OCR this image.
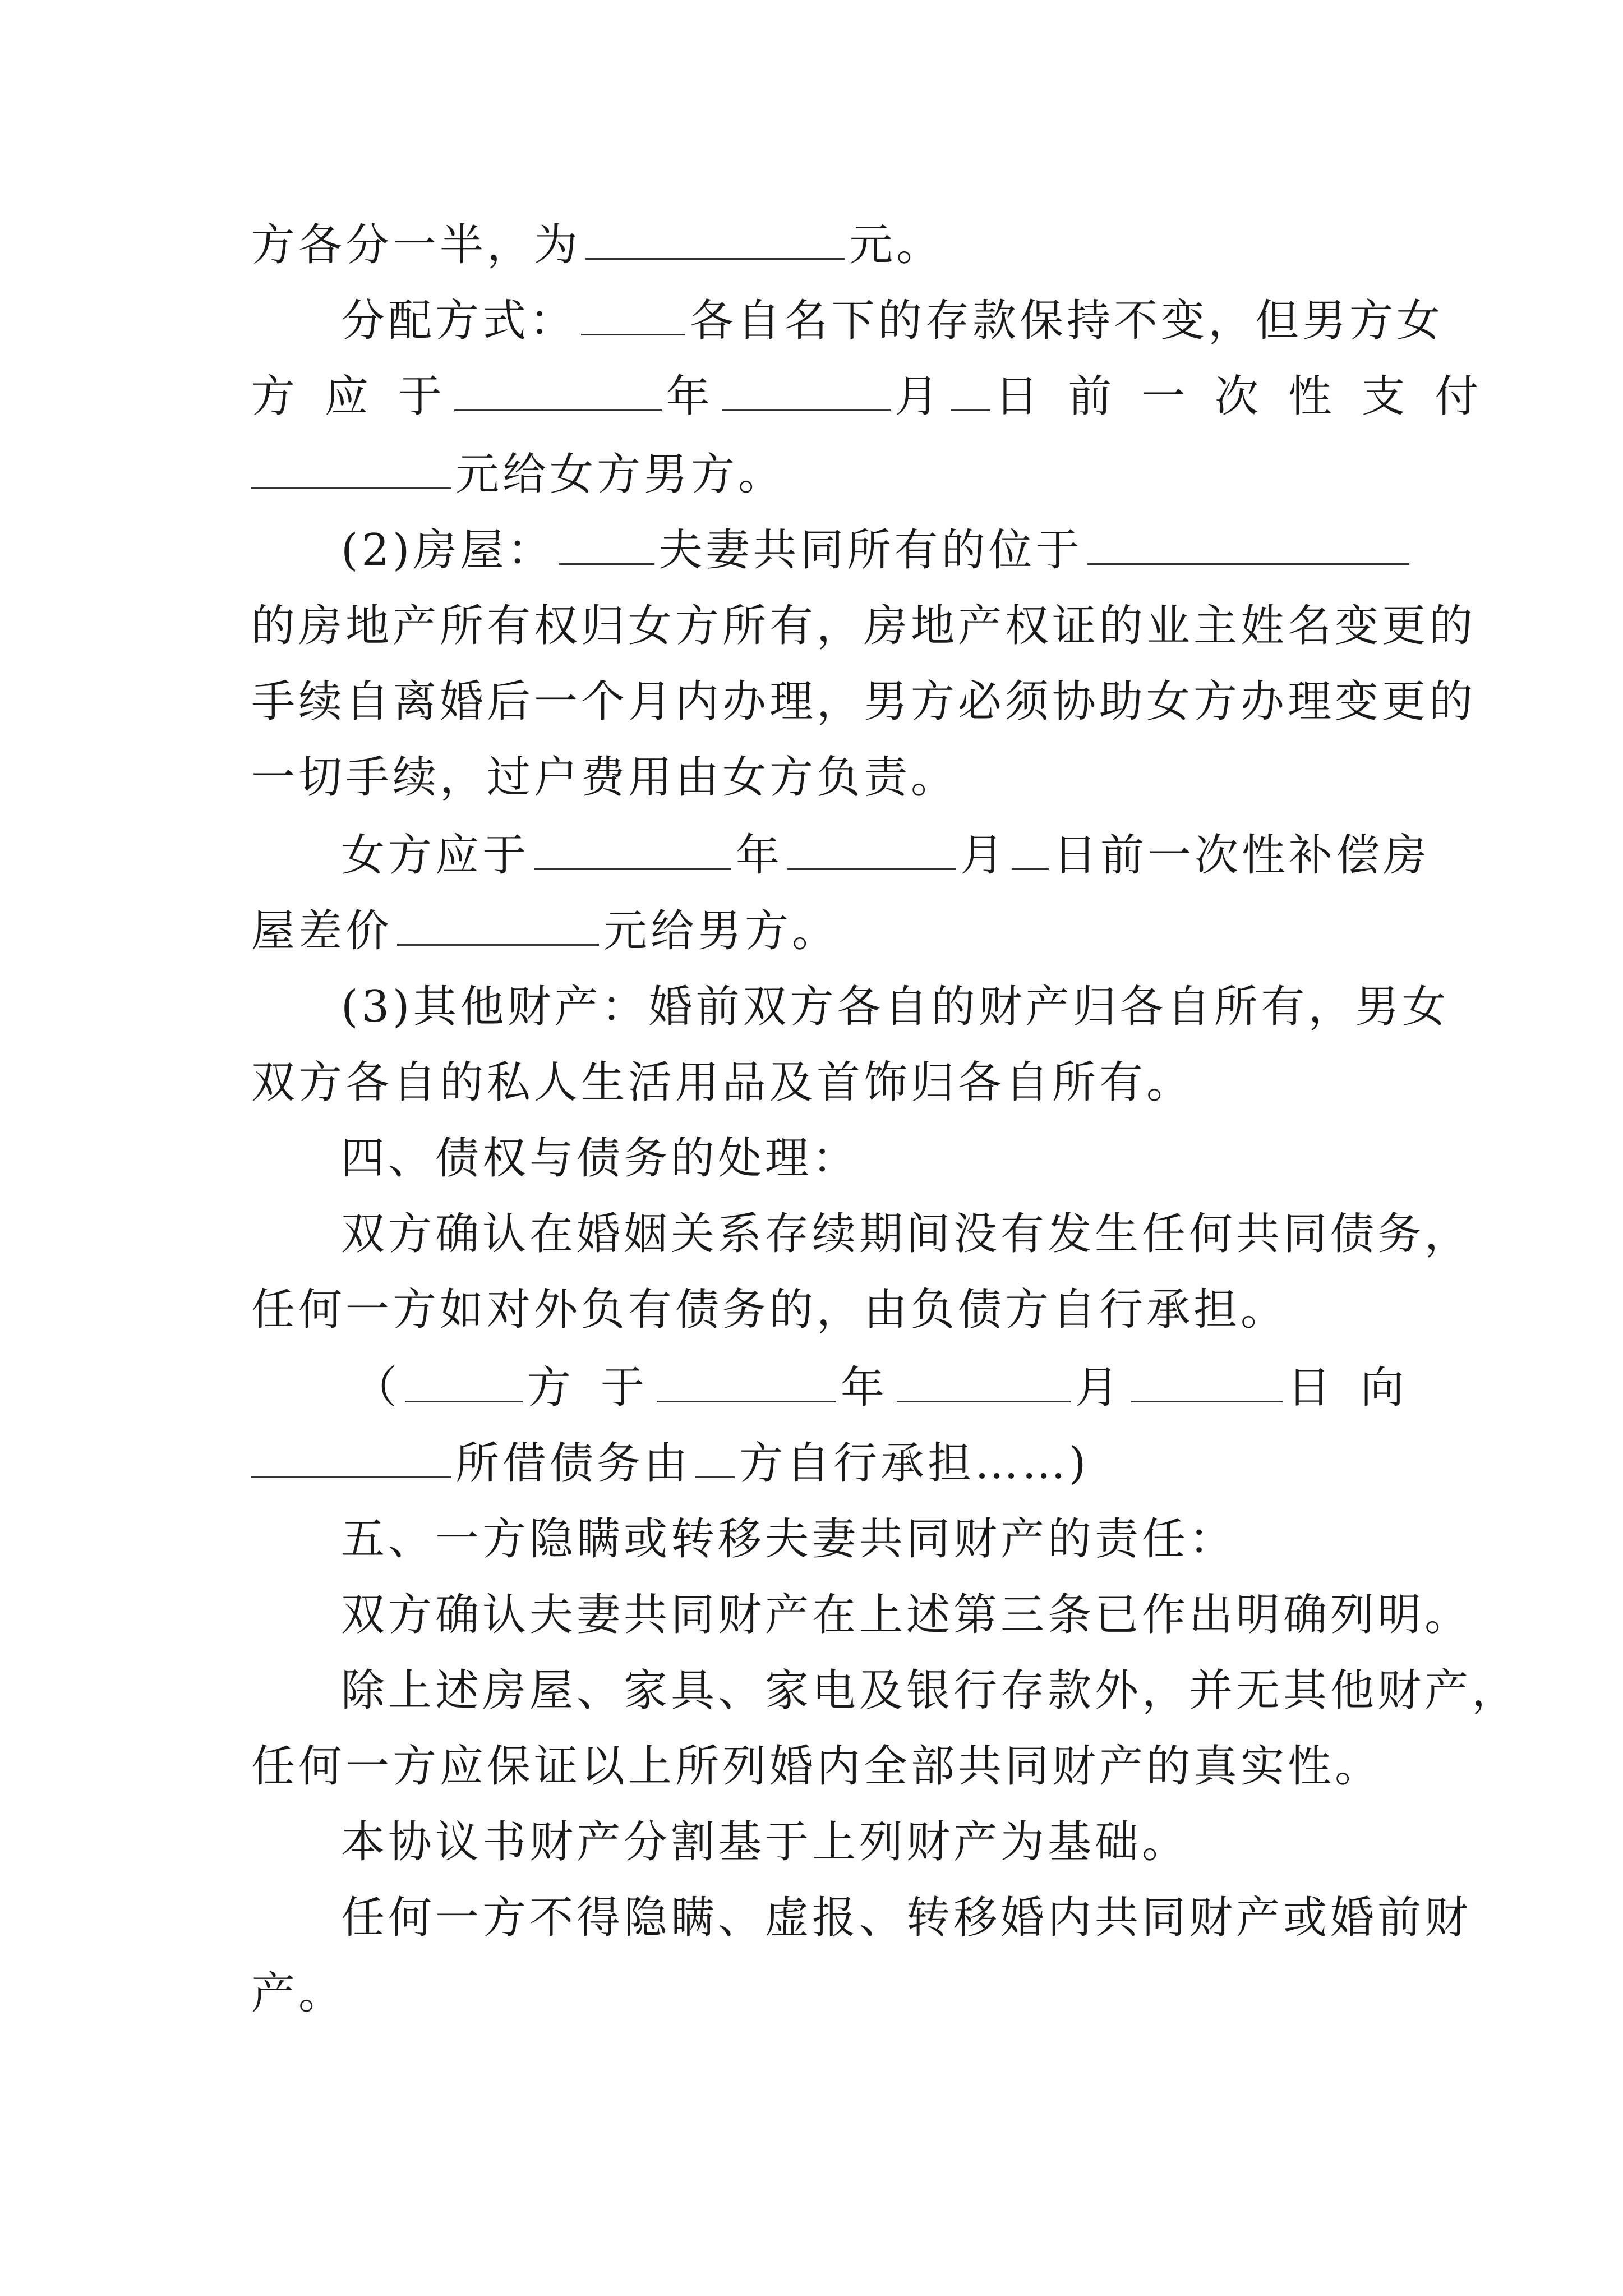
方各分一半，为	元。
分配方式：	各自名下的存款保持不变，但男方女
方 应 于	年	月 日 前 一 次 性 支 付
元给女方男方。
(2)房屋： 夫妻共同所有的位于
的房地产所有权归女方所有，房地产权证的业主姓名变更的
手续自离婚后一个月内办理，男方必须协助女方办理变更的
一切手续，过户费用由女方负责。
女方应于	年	月 日前一次性补偿房
屋差价	元给男方。
(3)其他财产：婚前双方各自的财产归各自所有，男女
双方各自的私人生活用品及首饰归各自所有。
四、债权与债务的处理：
双方确认在婚姻关系存续期间没有发生任何共同债务，
任何一方如对外负有债务的，由负债方自行承担。
（	方 于	年	月	日 向
所借债务由 方自行承担……)
五、一方隐瞒或转移夫妻共同财产的责任：
双方确认夫妻共同财产在上述第三条已作出明确列明。
除上述房屋、家具、家电及银行存款外，并无其他财产，
任何一方应保证以上所列婚内全部共同财产的真实性。
本协议书财产分割基于上列财产为基础。
任何一方不得隐瞒、虚报、转移婚内共同财产或婚前财
产。
